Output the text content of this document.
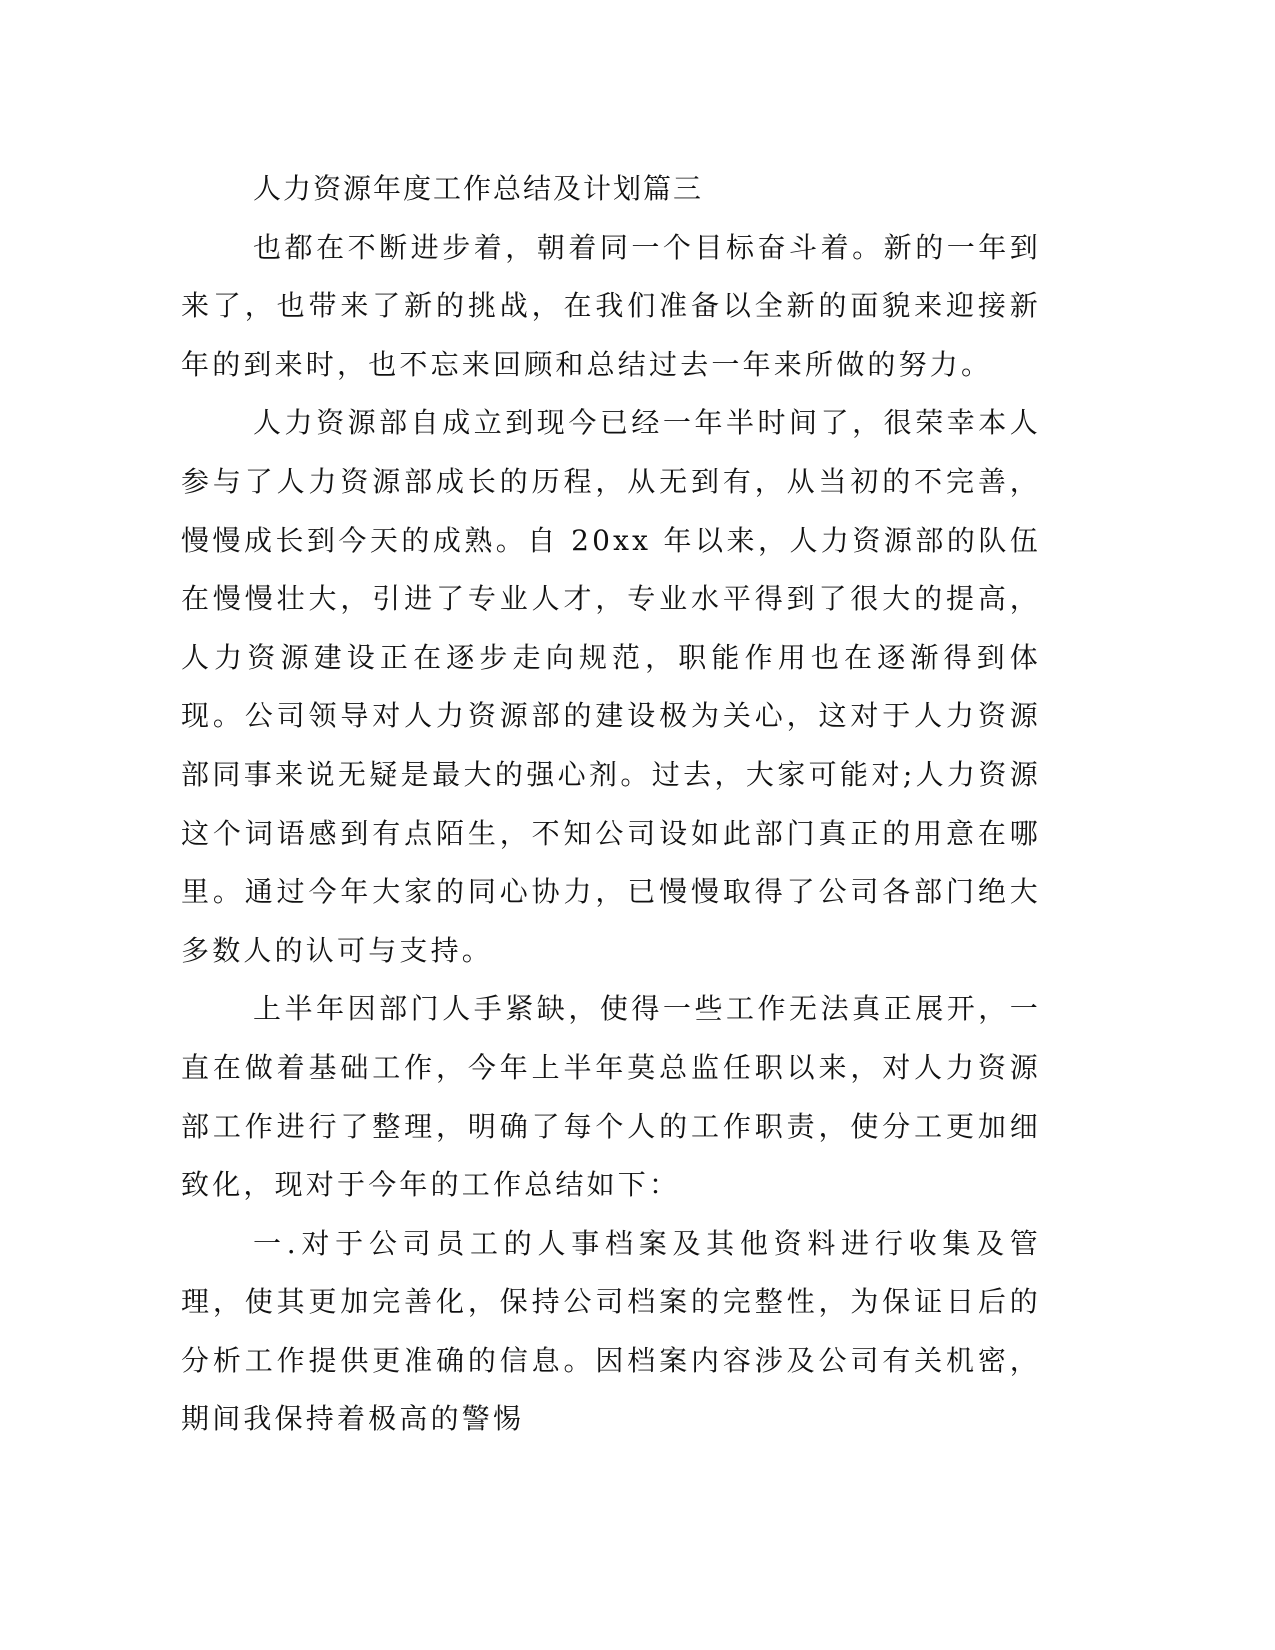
人力资源年度工作总结及计划篇三

也都在不断进步着，朝着同一个目标奋斗着。新的一年到来了，也带来了新的挑战，在我们准备以全新的面貌来迎接新年的到来时，也不忘来回顾和总结过去一年来所做的努力。

人力资源部自成立到现今已经一年半时间了，很荣幸本人参与了人力资源部成长的历程，从无到有，从当初的不完善，慢慢成长到今天的成熟。自 20xx 年以来，人力资源部的队伍在慢慢壮大，引进了专业人才，专业水平得到了很大的提高，人力资源建设正在逐步走向规范，职能作用也在逐渐得到体现。公司领导对人力资源部的建设极为关心，这对于人力资源部同事来说无疑是最大的强心剂。过去，大家可能对;人力资源这个词语感到有点陌生，不知公司设如此部门真正的用意在哪里。通过今年大家的同心协力，已慢慢取得了公司各部门绝大多数人的认可与支持。

上半年因部门人手紧缺，使得一些工作无法真正展开，一直在做着基础工作，今年上半年莫总监任职以来，对人力资源部工作进行了整理，明确了每个人的工作职责，使分工更加细致化，现对于今年的工作总结如下：

一.对于公司员工的人事档案及其他资料进行收集及管理，使其更加完善化，保持公司档案的完整性，为保证日后的分析工作提供更准确的信息。因档案内容涉及公司有关机密，期间我保持着极高的警惕
